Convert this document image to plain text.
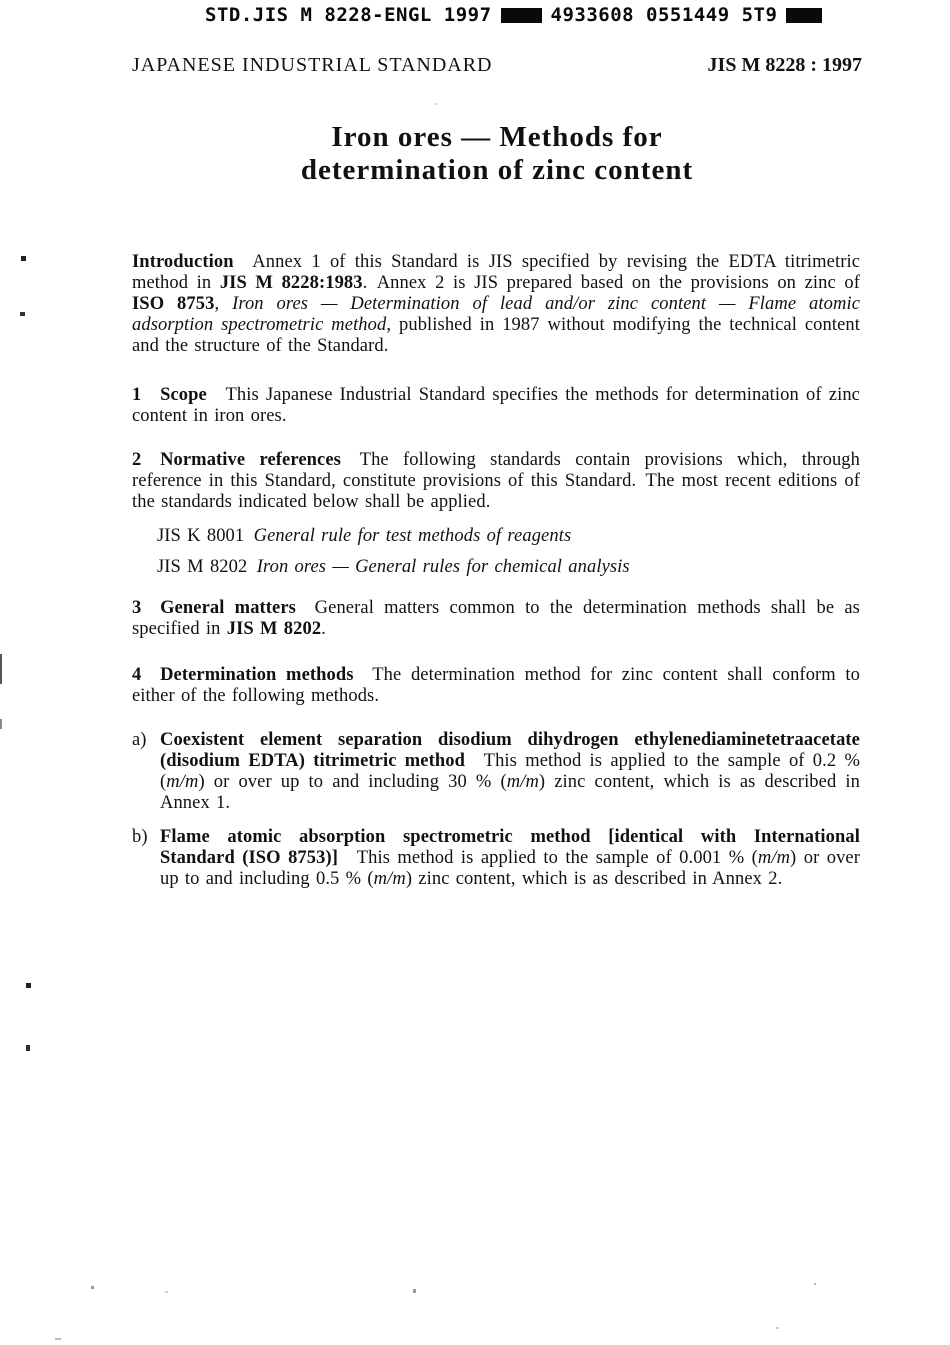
STD.JIS M 8228-ENGL 1997	4933608 0551449 5T9
JAPANESE INDUSTRIAL STANDARD	JIS M 8228 : 1997
Iron ores — Methods for
determination of zinc content

Introduction  Annex 1 of this Standard is JIS specified by revising the EDTA titrimetric method in JIS M 8228:1983. Annex 2 is JIS prepared based on the provisions on zinc of ISO 8753, Iron ores — Determination of lead and/or zinc content — Flame atomic adsorption spectrometric method, published in 1987 without modifying the technical content and the structure of the Standard.

1   Scope  This Japanese Industrial Standard specifies the methods for determination of zinc content in iron ores.

2   Normative references  The following standards contain provisions which, through reference in this Standard, constitute provisions of this Standard. The most recent editions of the standards indicated below shall be applied.

JIS K 8001  General rule for test methods of reagents

JIS M 8202  Iron ores — General rules for chemical analysis

3   General matters  General matters common to the determination methods shall be as specified in JIS M 8202.

4   Determination methods  The determination method for zinc content shall conform to either of the following methods.

a) Coexistent element separation disodium dihydrogen ethylenediaminetetraacetate (disodium EDTA) titrimetric method  This method is applied to the sample of 0.2 % (m/m) or over up to and including 30 % (m/m) zinc content, which is as described in Annex 1.
b) Flame atomic absorption spectrometric method [identical with International Standard (ISO 8753)]  This method is applied to the sample of 0.001 % (m/m) or over up to and including 0.5 % (m/m) zinc content, which is as described in Annex 2.
